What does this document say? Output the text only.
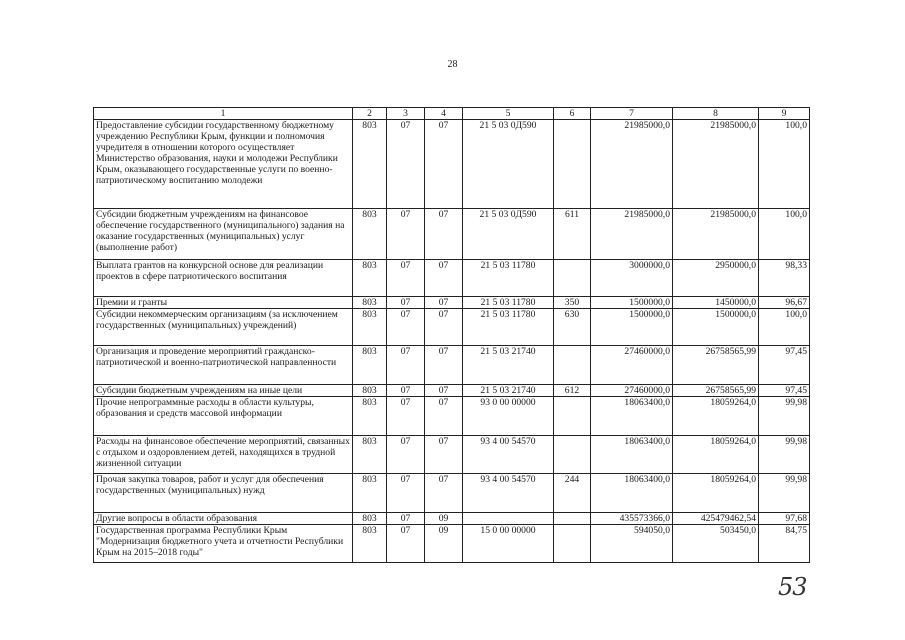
28
1	2	3	4	5	6	7	8	9
Предоставление субсидии государственному бюджетному учреждению Республики Крым, функции и полномочия учредителя в отношении которого осуществляет Министерство образования, науки и молодежи Республики Крым, оказывающего государственные услуги по военно-патриотическому воспитанию молодежи	803	07	07	21 5 03 0Д590		21985000,0	21985000,0	100,0
Субсидии бюджетным учреждениям на финансовое обеспечение государственного (муниципального) задания на оказание государственных (муниципальных) услуг (выполнение работ)	803	07	07	21 5 03 0Д590	611	21985000,0	21985000,0	100,0
Выплата грантов на конкурсной основе для реализации проектов в сфере патриотического воспитания	803	07	07	21 5 03 11780		3000000,0	2950000,0	98,33
Премии и гранты	803	07	07	21 5 03 11780	350	1500000,0	1450000,0	96,67
Субсидии некоммерческим организациям (за исключением государственных (муниципальных) учреждений)	803	07	07	21 5 03 11780	630	1500000,0	1500000,0	100,0
Организация и проведение мероприятий гражданско-патриотической и военно-патриотической направленности	803	07	07	21 5 03 21740		27460000,0	26758565,99	97,45
Субсидии бюджетным учреждениям на иные цели	803	07	07	21 5 03 21740	612	27460000,0	26758565,99	97,45
Прочие непрограммные расходы в области культуры, образования и средств массовой информации	803	07	07	93 0 00 00000		18063400,0	18059264,0	99,98
Расходы на финансовое обеспечение мероприятий, связанных с отдыхом и оздоровлением детей, находящихся в трудной жизненной ситуации	803	07	07	93 4 00 54570		18063400,0	18059264,0	99,98
Прочая закупка товаров, работ и услуг для обеспечения государственных (муниципальных) нужд	803	07	07	93 4 00 54570	244	18063400,0	18059264,0	99,98
Другие вопросы в области образования	803	07	09			435573366,0	425479462,54	97,68
Государственная программа Республики Крым "Модернизация бюджетного учета и отчетности Республики Крым на 2015–2018 годы"	803	07	09	15 0 00 00000		594050,0	503450,0	84,75
53
